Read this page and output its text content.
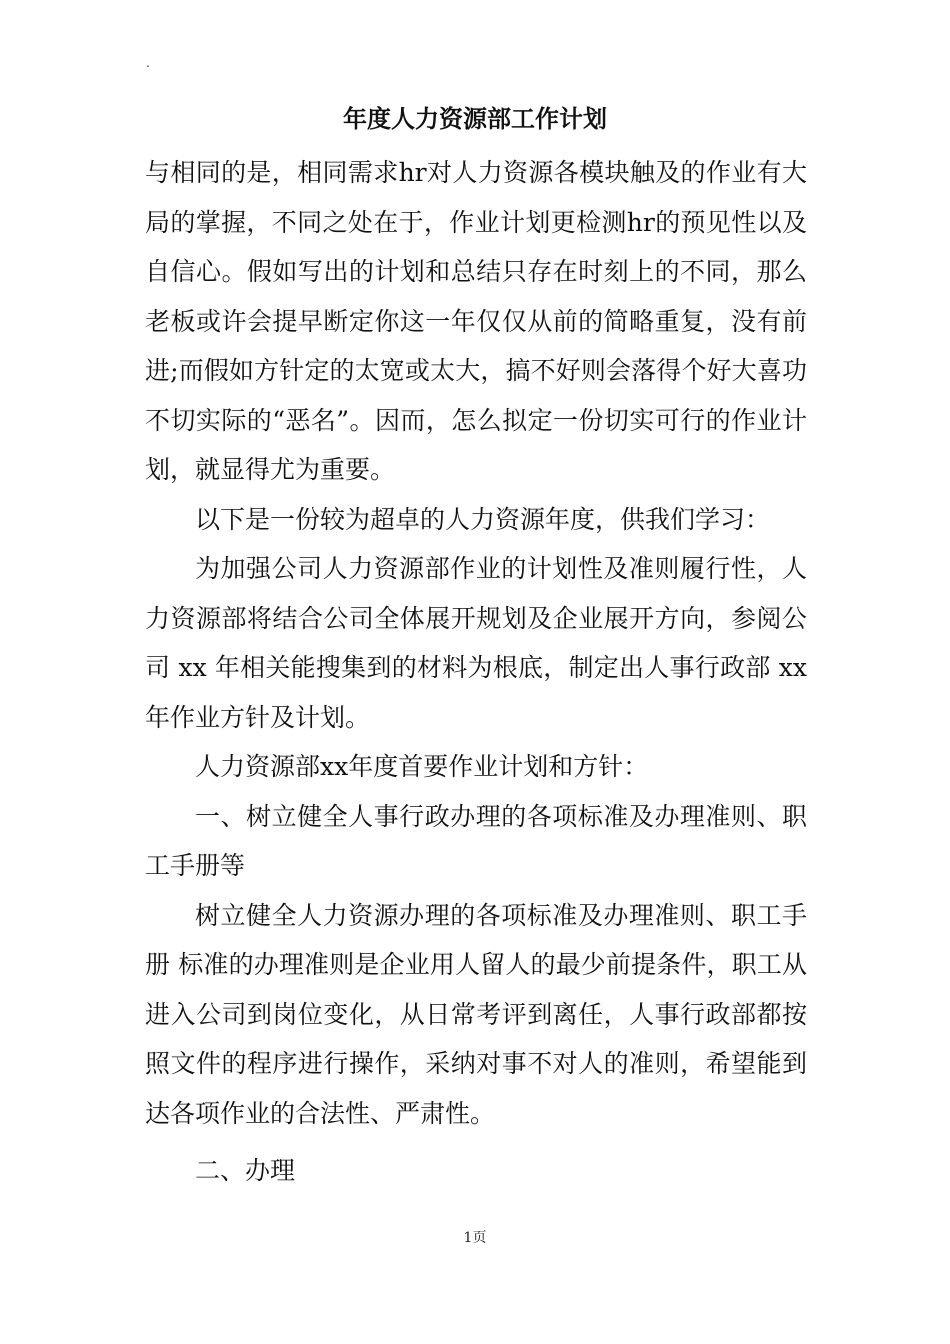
.
年度人力资源部工作计划

与相同的是，相同需求hr对人力资源各模块触及的作业有大局的掌握，不同之处在于，作业计划更检测hr的预见性以及自信心。假如写出的计划和总结只存在时刻上的不同，那么老板或许会提早断定你这一年仅仅从前的简略重复，没有前进;而假如方针定的太宽或太大，搞不好则会落得个好大喜功不切实际的“恶名”。因而，怎么拟定一份切实可行的作业计划，就显得尤为重要。

以下是一份较为超卓的人力资源年度，供我们学习：

为加强公司人力资源部作业的计划性及准则履行性，人力资源部将结合公司全体展开规划及企业展开方向，参阅公司 xx 年相关能搜集到的材料为根底，制定出人事行政部 xx年作业方针及计划。

人力资源部xx年度首要作业计划和方针：

一、树立健全人事行政办理的各项标准及办理准则、职工手册等

树立健全人力资源办理的各项标准及办理准则、职工手册 标准的办理准则是企业用人留人的最少前提条件，职工从进入公司到岗位变化，从日常考评到离任，人事行政部都按照文件的程序进行操作，采纳对事不对人的准则，希望能到达各项作业的合法性、严肃性。

二、办理

1页
